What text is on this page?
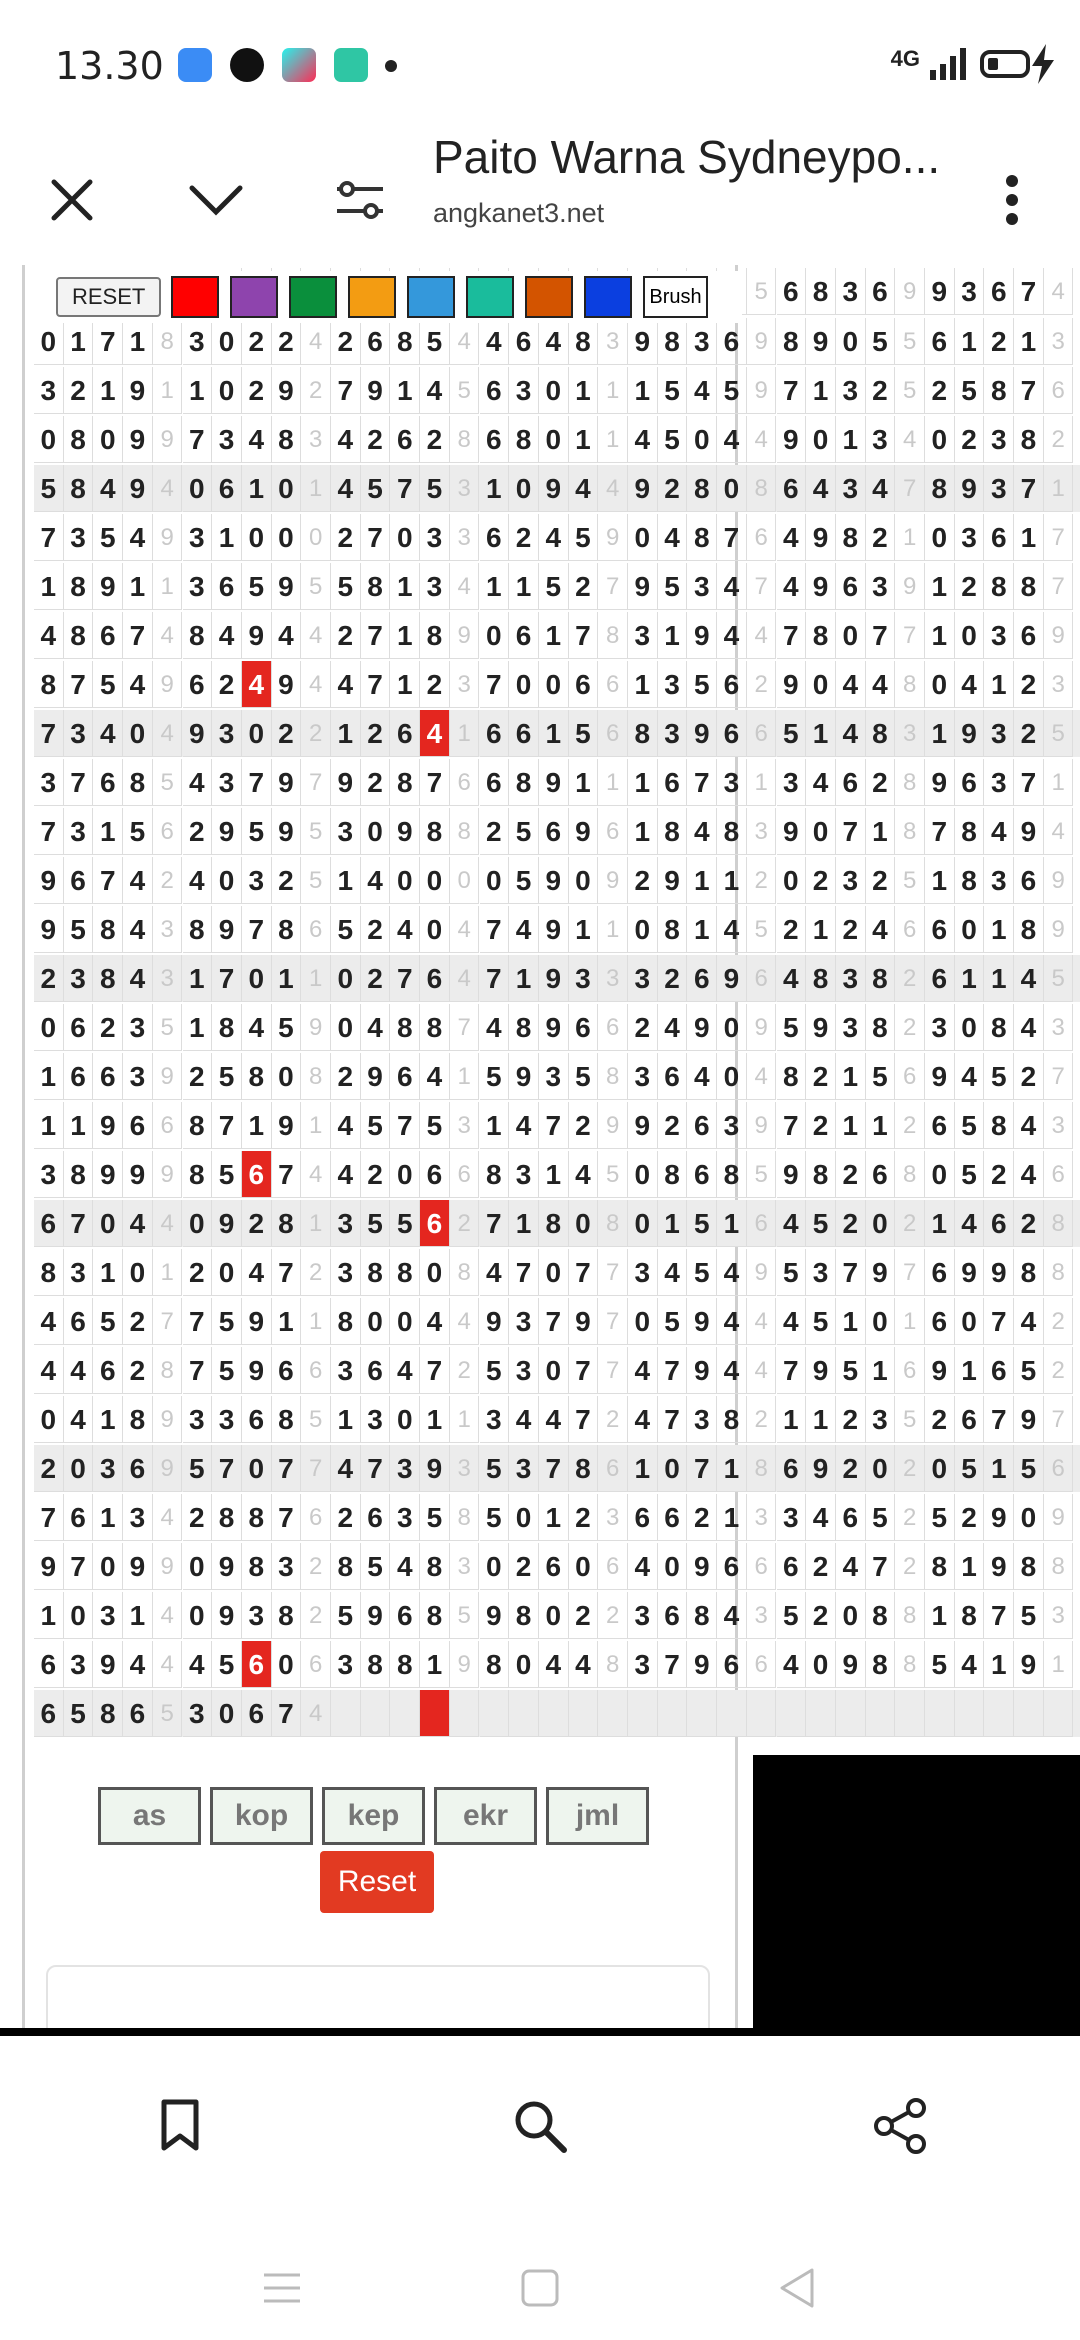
13.30	4G
Paito Warna Sydneypo...
angkanet3.net
RESET	Brush	5 6 8 3 6 9 9 3 6 7 4
0 1 7 1 8 3 0 2 2 4 2 6 8 5 4 4 6 4 8 3 9 8 3 6 9 8 9 0 5 5 6 1 2 1 3
3 2 1 9 1 1 0 2 9 2 7 9 1 4 5 6 3 0 1 1 1 5 4 5 9 7 1 3 2 5 2 5 8 7 6
0 8 0 9 9 7 3 4 8 3 4 2 6 2 8 6 8 0 1 1 4 5 0 4 4 9 0 1 3 4 0 2 3 8 2
5 8 4 9 4 0 6 1 0 1 4 5 7 5 3 1 0 9 4 4 9 2 8 0 8 6 4 3 4 7 8 9 3 7 1
7 3 5 4 9 3 1 0 0 0 2 7 0 3 3 6 2 4 5 9 0 4 8 7 6 4 9 8 2 1 0 3 6 1 7
1 8 9 1 1 3 6 5 9 5 5 8 1 3 4 1 1 5 2 7 9 5 3 4 7 4 9 6 3 9 1 2 8 8 7
4 8 6 7 4 8 4 9 4 4 2 7 1 8 9 0 6 1 7 8 3 1 9 4 4 7 8 0 7 7 1 0 3 6 9
8 7 5 4 9 6 2 4 9 4 4 7 1 2 3 7 0 0 6 6 1 3 5 6 2 9 0 4 4 8 0 4 1 2 3
7 3 4 0 4 9 3 0 2 2 1 2 6 4 1 6 6 1 5 6 8 3 9 6 6 5 1 4 8 3 1 9 3 2 5
3 7 6 8 5 4 3 7 9 7 9 2 8 7 6 6 8 9 1 1 1 6 7 3 1 3 4 6 2 8 9 6 3 7 1
7 3 1 5 6 2 9 5 9 5 3 0 9 8 8 2 5 6 9 6 1 8 4 8 3 9 0 7 1 8 7 8 4 9 4
9 6 7 4 2 4 0 3 2 5 1 4 0 0 0 0 5 9 0 9 2 9 1 1 2 0 2 3 2 5 1 8 3 6 9
9 5 8 4 3 8 9 7 8 6 5 2 4 0 4 7 4 9 1 1 0 8 1 4 5 2 1 2 4 6 6 0 1 8 9
2 3 8 4 3 1 7 0 1 1 0 2 7 6 4 7 1 9 3 3 3 2 6 9 6 4 8 3 8 2 6 1 1 4 5
0 6 2 3 5 1 8 4 5 9 0 4 8 8 7 4 8 9 6 6 2 4 9 0 9 5 9 3 8 2 3 0 8 4 3
1 6 6 3 9 2 5 8 0 8 2 9 6 4 1 5 9 3 5 8 3 6 4 0 4 8 2 1 5 6 9 4 5 2 7
1 1 9 6 6 8 7 1 9 1 4 5 7 5 3 1 4 7 2 9 9 2 6 3 9 7 2 1 1 2 6 5 8 4 3
3 8 9 9 9 8 5 6 7 4 4 2 0 6 6 8 3 1 4 5 0 8 6 8 5 9 8 2 6 8 0 5 2 4 6
6 7 0 4 4 0 9 2 8 1 3 5 5 6 2 7 1 8 0 8 0 1 5 1 6 4 5 2 0 2 1 4 6 2 8
8 3 1 0 1 2 0 4 7 2 3 8 8 0 8 4 7 0 7 7 3 4 5 4 9 5 3 7 9 7 6 9 9 8 8
4 6 5 2 7 7 5 9 1 1 8 0 0 4 4 9 3 7 9 7 0 5 9 4 4 4 5 1 0 1 6 0 7 4 2
4 4 6 2 8 7 5 9 6 6 3 6 4 7 2 5 3 0 7 7 4 7 9 4 4 7 9 5 1 6 9 1 6 5 2
0 4 1 8 9 3 3 6 8 5 1 3 0 1 1 3 4 4 7 2 4 7 3 8 2 1 1 2 3 5 2 6 7 9 7
2 0 3 6 9 5 7 0 7 7 4 7 3 9 3 5 3 7 8 6 1 0 7 1 8 6 9 2 0 2 0 5 1 5 6
7 6 1 3 4 2 8 8 7 6 2 6 3 5 8 5 0 1 2 3 6 6 2 1 3 3 4 6 5 2 5 2 9 0 9
9 7 0 9 9 0 9 8 3 2 8 5 4 8 3 0 2 6 0 6 4 0 9 6 6 6 2 4 7 2 8 1 9 8 8
1 0 3 1 4 0 9 3 8 2 5 9 6 8 5 9 8 0 2 2 3 6 8 4 3 5 2 0 8 8 1 8 7 5 3
6 3 9 4 4 4 5 6 0 6 3 8 8 1 9 8 0 4 4 8 3 7 9 6 6 4 0 9 8 8 5 4 1 9 1
6 5 8 6 5 3 0 6 7 4
as	kop	kep	ekr	jml
Reset
